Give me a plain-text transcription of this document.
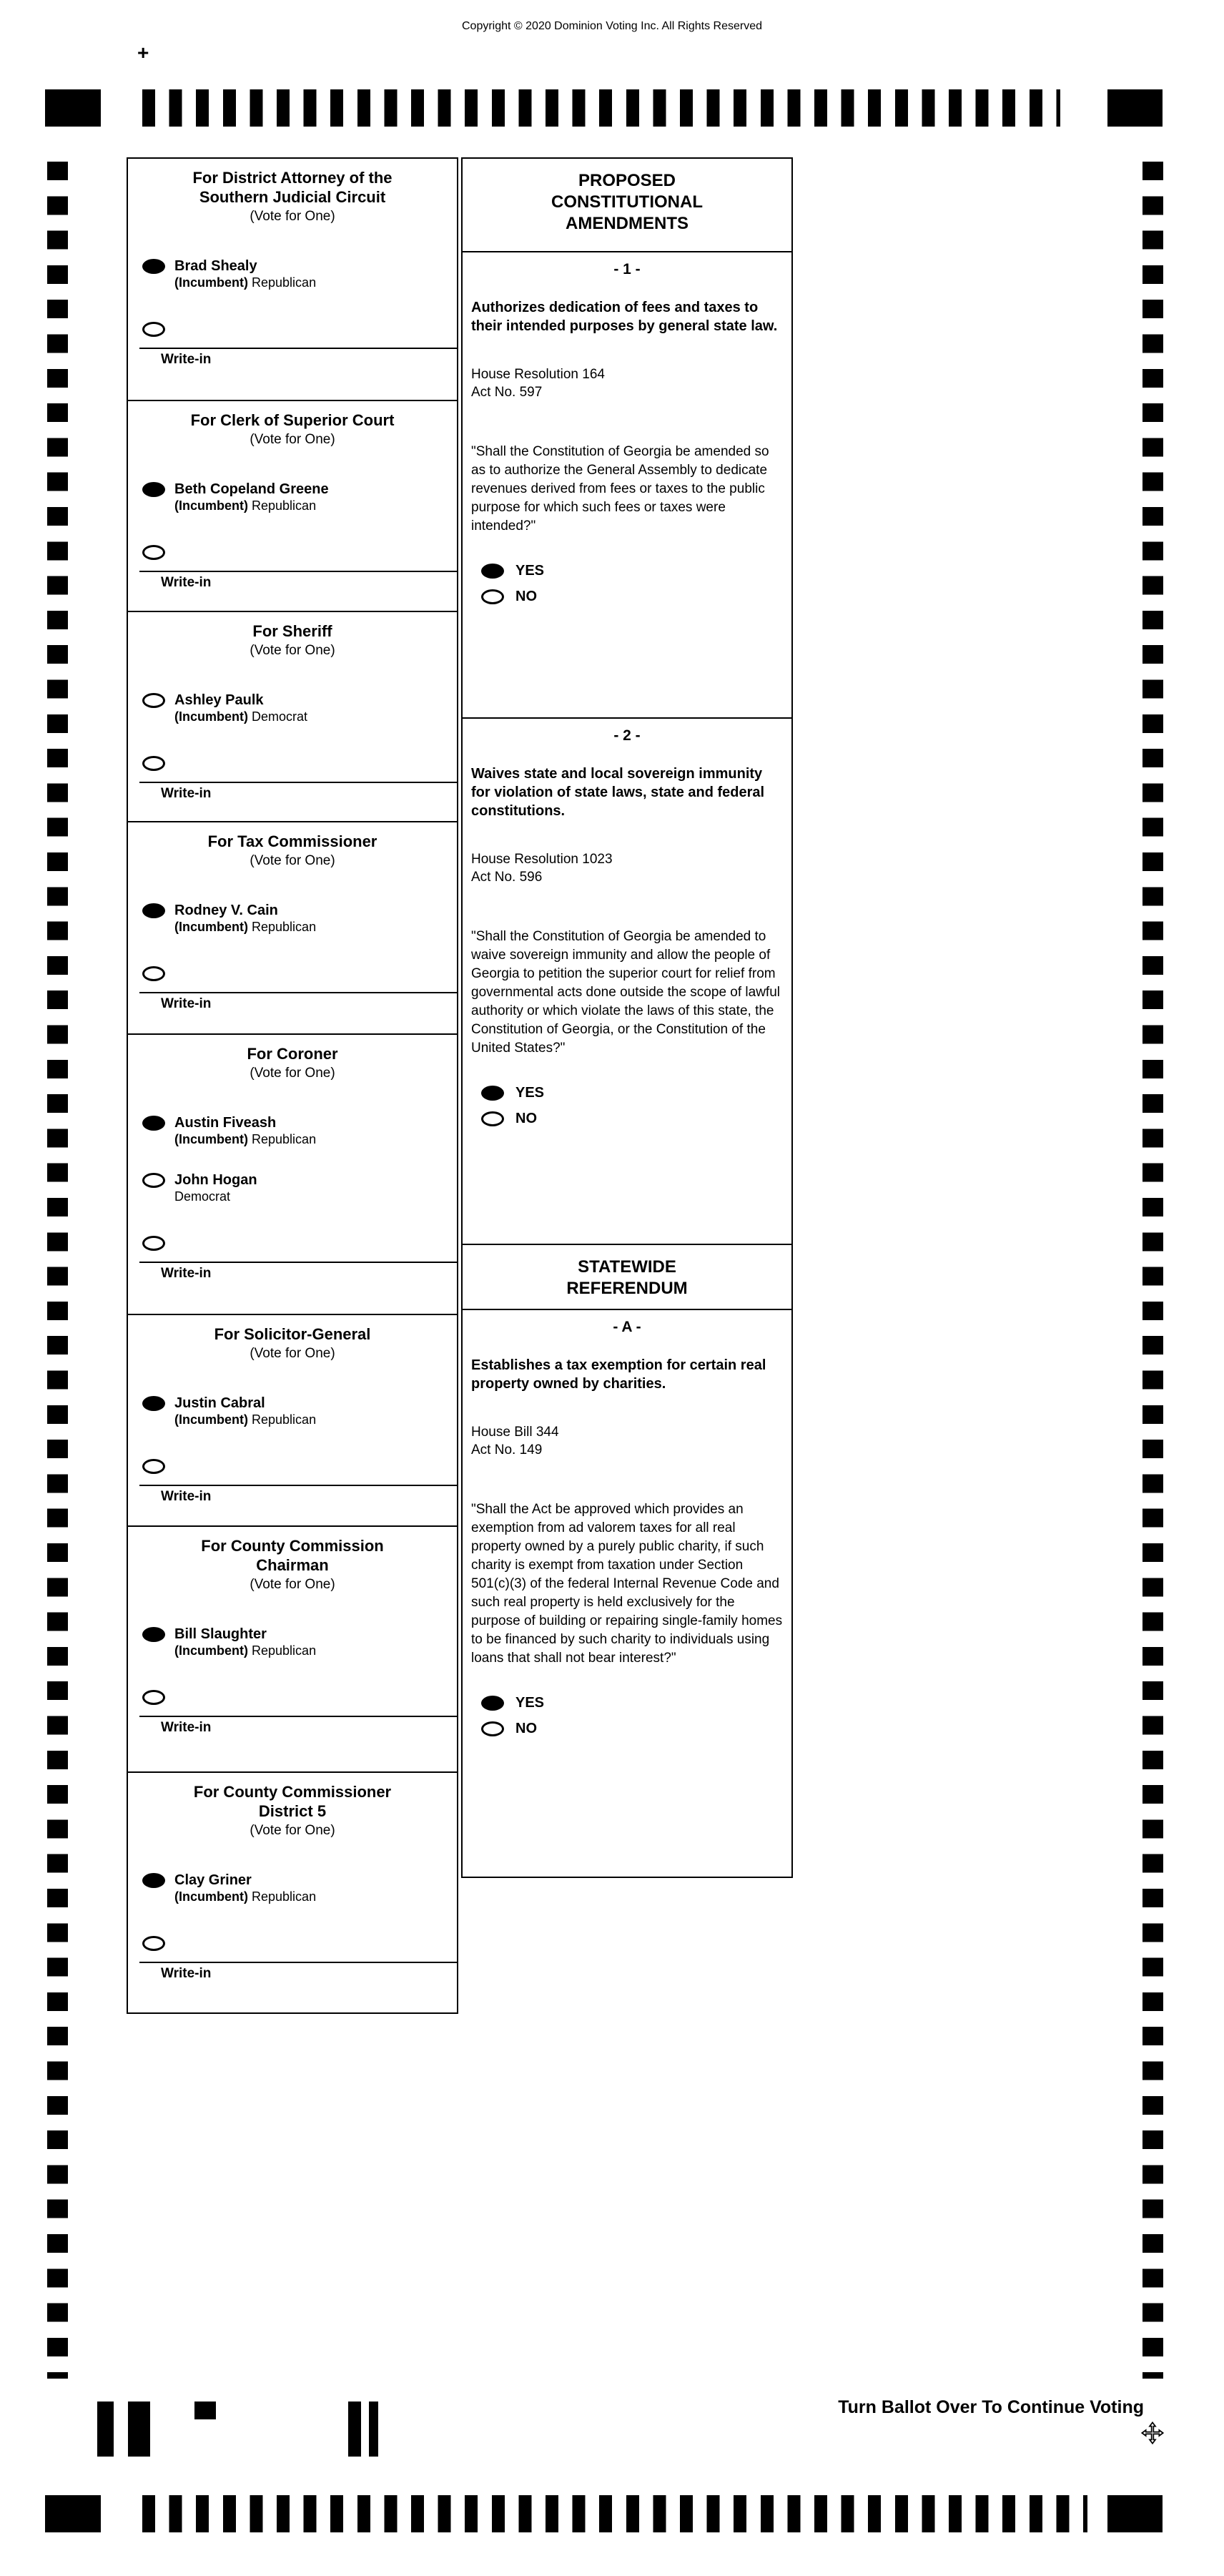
Copyright © 2020 Dominion Voting Inc. All Rights Reserved
+
For District Attorney of the
Southern Judicial Circuit
(Vote for One)
Brad Shealy
(Incumbent) Republican
Write-in
For Clerk of Superior Court
(Vote for One)
Beth Copeland Greene
(Incumbent) Republican
Write-in
For Sheriff
(Vote for One)
Ashley Paulk
(Incumbent) Democrat
Write-in
For Tax Commissioner
(Vote for One)
Rodney V. Cain
(Incumbent) Republican
Write-in
For Coroner
(Vote for One)
Austin Fiveash
(Incumbent) Republican
John Hogan
Democrat
Write-in
For Solicitor-General
(Vote for One)
Justin Cabral
(Incumbent) Republican
Write-in
For County Commission
Chairman
(Vote for One)
Bill Slaughter
(Incumbent) Republican
Write-in
For County Commissioner
District 5
(Vote for One)
Clay Griner
(Incumbent) Republican
Write-in
PROPOSED
CONSTITUTIONAL
AMENDMENTS
- 1 -
Authorizes dedication of fees and taxes to their intended purposes by general state law.
House Resolution 164
Act No. 597
"Shall the Constitution of Georgia be amended so as to authorize the General Assembly to dedicate revenues derived from fees or taxes to the public purpose for which such fees or taxes were intended?"
YES
NO
- 2 -
Waives state and local sovereign immunity for violation of state laws, state and federal constitutions.
House Resolution 1023
Act No. 596
"Shall the Constitution of Georgia be amended to waive sovereign immunity and allow the people of Georgia to petition the superior court for relief from governmental acts done outside the scope of lawful authority or which violate the laws of this state, the Constitution of Georgia, or the Constitution of the United States?"
YES
NO
STATEWIDE
REFERENDUM
- A -
Establishes a tax exemption for certain real property owned by charities.
House Bill 344
Act No. 149
"Shall the Act be approved which provides an exemption from ad valorem taxes for all real property owned by a purely public charity, if such charity is exempt from taxation under Section 501(c)(3) of the federal Internal Revenue Code and such real property is held exclusively for the purpose of building or repairing single-family homes to be financed by such charity to individuals using loans that shall not bear interest?"
YES
NO
Turn Ballot Over To Continue Voting
